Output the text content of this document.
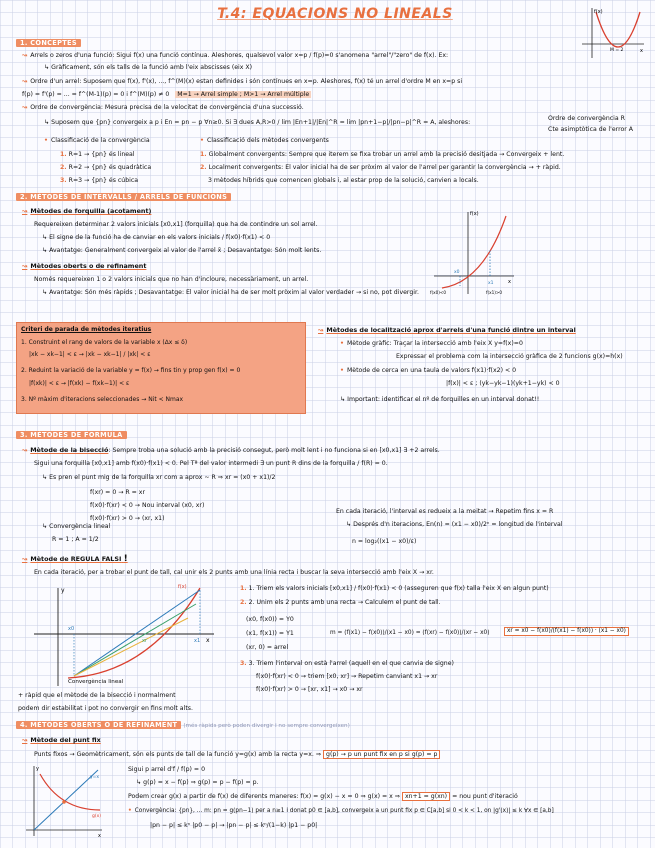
T.4: EQUACIONS NO LINEALS	f(x)
x
M = 2
1. CONCEPTES
↝ Arrels o zeros d'una funció: Sigui f(x) una funció contínua. Aleshores, qualsevol valor x=p / f(p)=0 s'anomena "arrel"/"zero" de f(x). Ex:
↳ Gràficament, són els talls de la funció amb l'eix abscisses (eix X)
↝ Ordre d'un arrel: Suposem que f(x), f'(x), ..., f^(M)(x) estan definides i són contínues en x=p. Aleshores, f(x) té un arrel d'ordre M en x=p si
f(p) = f'(p) = ... = f^(M-1)(p) = 0 i f^(M)(p) ≠ 0 M=1 → Arrel simple ; M>1 → Arrel múltiple
↝ Ordre de convergència: Mesura precisa de la velocitat de convergència d'una successió.
↳ Suposem que {pn} convergeix a p i En = pn − p ∀n≥0. Si ∃ dues A,R>0 / lim |En+1|/|En|^R = lim |pn+1−p|/|pn−p|^R = A, aleshores:
Ordre de convergència R
Cte asimptòtica de l'error A
• Classificació de la convergència	• Classificació dels mètodes convergents
1. R=1 → {pn} és lineal
2. R=2 → {pn} és quadràtica
3. R=3 → {pn} és cúbica
1. Globalment convergents: Sempre que iterem se fixa trobar un arrel amb la precisió desitjada → Convergeix + lent.
2. Localment convergents: El valor inicial ha de ser pròxim al valor de l'arrel per garantir la convergència → + ràpid.
3 mètodes híbrids que comencen globals i, al estar prop de la solució, canvien a locals.
2. MÈTODES DE INTERVALLS / ARRELS DE FUNCIONS
↝ Mètodes de forquilla (acotament)
Requereixen determinar 2 valors inicials [x0,x1] (forquilla) que ha de contindre un sol arrel.
↳ El signe de la funció ha de canviar en els valors inicials / f(x0)·f(x1) < 0
↳ Avantatge: Generalment convergeix al valor de l'arrel x̄ ; Desavantatge: Són molt lents.
↝ Mètodes oberts o de refinament
Només requereixen 1 o 2 valors inicials que no han d'incloure, necessàriament, un arrel.
↳ Avantatge: Són més ràpids ; Desavantatge: El valor inicial ha de ser molt pròxim al valor verdader → si no, pot divergir.
f(x)
x
x0
x1
f(x0)<0	f(x1)>0
Criteri de parada de mètodes iteratius
1. Construint el rang de valors de la variable x (∆x ≤ δ)
|xk − xk−1| < ε → |xk − xk−1| / |xk| < ε
2. Reduint la variació de la variable y = f(x) → fins tin y prop gen f(x) = 0
|f(xk)| < ε → |f(xk) − f(xk−1)| < ε
3. Nº màxim d'iteracions seleccionades → Nit < Nmax
↝ Mètodes de localització aprox d'arrels d'una funció dintre un interval
• Mètode gràfic: Traçar la intersecció amb l'eix X y=f(x)=0
Expressar el problema com la intersecció gràfica de 2 funcions g(x)=h(x)
• Mètode de cerca en una taula de valors f(x1)·f(x2) < 0
|f(x)| < ε ; (yk−yk−1)(yk+1−yk) < 0
↳ Important: identificar el nº de forquilles en un interval donat!!
3. MÈTODES DE FORMULA
↝ Mètode de la bisecció: Sempre troba una solució amb la precisió consegut, però molt lent i no funciona si en [x0,x1] ∃ +2 arrels.
Sigui una forquilla [x0,x1] amb f(x0)·f(x1) < 0. Pel Tª del valor intermedi ∃ un punt R dins de la forquilla / f(R) = 0.
↳ Es pren el punt mig de la forquilla xr com a aprox ~ R ⇒ xr = (x0 + x1)/2
f(xr) = 0 → R = xr
f(x0)·f(xr) < 0 → Nou interval (x0, xr)
f(x0)·f(xr) > 0 → (xr, x1)
↳ Convergència lineal
R = 1 ; A = 1/2
En cada iteració, l'interval es redueix a la meitat → Repetim fins x = R
↳ Després d'n iteracions, En(n) = (x1 − x0)/2ⁿ = longitud de l'interval
n = log₂((x1 − x0)/ε)
↝ Mètode de REGULA FALSI !
En cada iteració, per a trobar el punt de tall, cal unir els 2 punts amb una línia recta i buscar la seva intersecció amb l'eix X → xr.
y
x
f(x)
x0
x1
xr
Convergència lineal
+ ràpid que el mètode de la bisecció i normalment
podem dir estabilitat i pot no convergir en fins molt alts.
1. 1. Triem els valors inicials [x0,x1] / f(x0)·f(x1) < 0 (asseguren que f(x) talla l'eix X en algun punt)
2. 2. Unim els 2 punts amb una recta → Calculem el punt de tall.
(x0, f(x0)) = Y0
(x1, f(x1)) = Y1
(xr, 0) = arrel
m = (f(x1) − f(x0))/(x1 − x0) = (f(xr) − f(x0))/(xr − x0)	xr = x0 − f(x0)/(f(x1) − f(x0)) · (x1 − x0)
3. 3. Triem l'interval on està l'arrel (aquell en el que canvia de signe)
f(x0)·f(xr) < 0 → triem [x0, xr] → Repetim canviant x1 → xr
f(x0)·f(xr) > 0 → [xr, x1] → x0 → xr
4. MÈTODES OBERTS O DE REFINAMENT (més ràpids però poden divergir i no sempre convergeixen)
↝ Mètode del punt fix
Punts fixos → Geomètricament, són els punts de tall de la funció y=g(x) amb la recta y=x. ⇒ g(p) → p un punt fix en p si g(p) = p
y
x
y=x
g(x)
Sigui p arrel d'f / f(p) = 0
↳ g(p) = x − f(p) ⇒ g(p) = p − f(p) = p.
Podem crear g(x) a partir de f(x) de diferents maneres: f(x) = g(x) − x = 0 ⇒ g(x) = x ⇒ xn+1 = g(xn) = nou punt d'iteració
• Convergència: {pn}, ... m: pn = g(pn−1) per a n≥1 i donat p0 ∈ [a,b], convergeix a un punt fix p ∈ C[a,b] si 0 < k < 1, on |g'(x)| ≤ k ∀x ∈ [a,b]
|pn − p| ≤ kⁿ |p0 − p| → |pn − p| ≤ kⁿ/(1−k) |p1 − p0|
